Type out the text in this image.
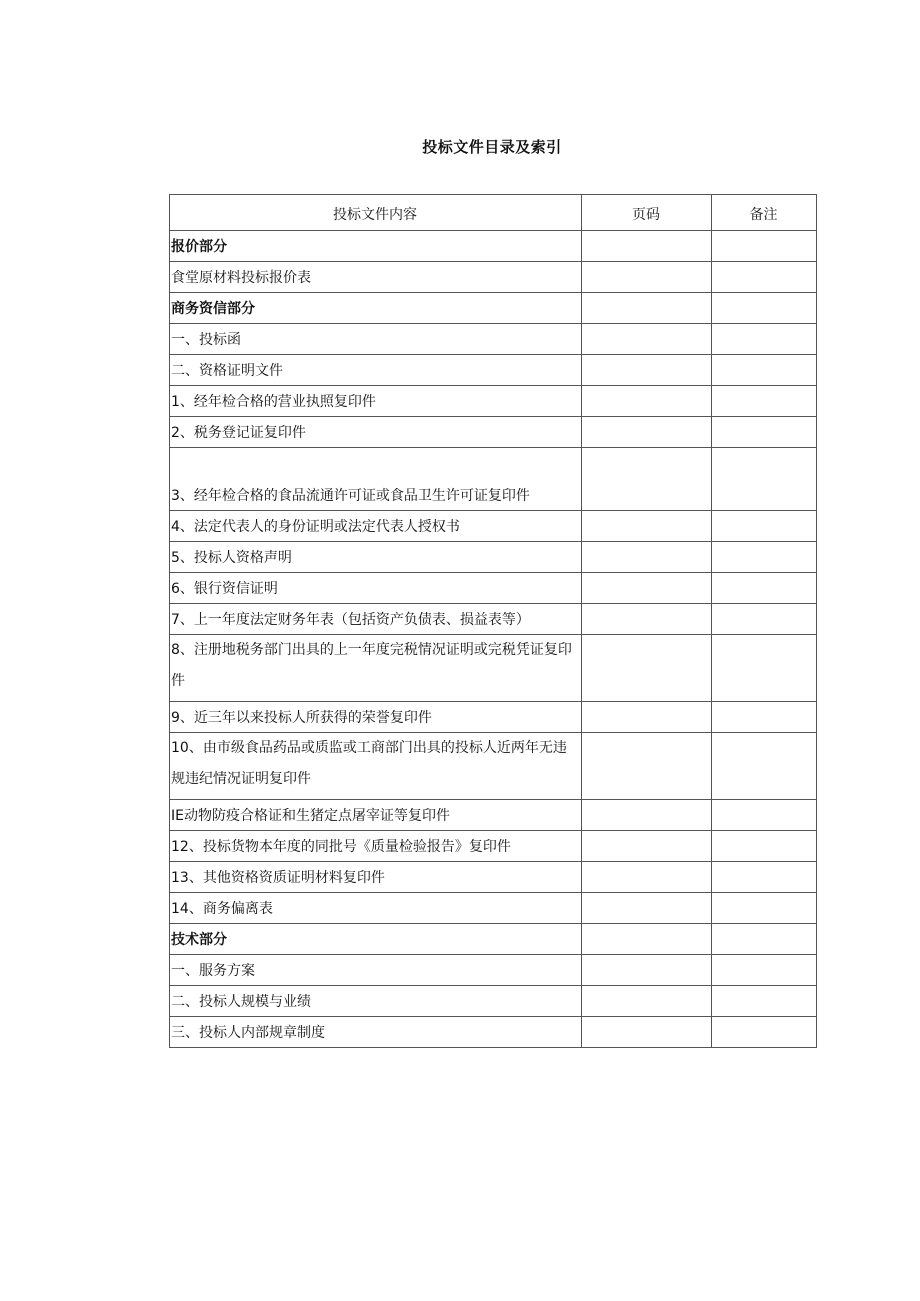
投标文件目录及索引
投标文件内容	页码	备注
报价部分		
食堂原材料投标报价表		
商务资信部分		
一、投标函		
二、资格证明文件		
1、经年检合格的营业执照复印件		
2、税务登记证复印件		
3、经年检合格的食品流通许可证或食品卫生许可证复印件		
4、法定代表人的身份证明或法定代表人授权书		
5、投标人资格声明		
6、银行资信证明		
7、上一年度法定财务年表（包括资产负债表、损益表等）		
8、注册地税务部门出具的上一年度完税情况证明或完税凭证复印件		
9、近三年以来投标人所获得的荣誉复印件		
10、由市级食品药品或质监或工商部门出具的投标人近两年无违规违纪情况证明复印件		
IE动物防疫合格证和生猪定点屠宰证等复印件		
12、投标货物本年度的同批号《质量检验报告》复印件		
13、其他资格资质证明材料复印件		
14、商务偏离表		
技术部分		
一、服务方案		
二、投标人规模与业绩		
三、投标人内部规章制度		
